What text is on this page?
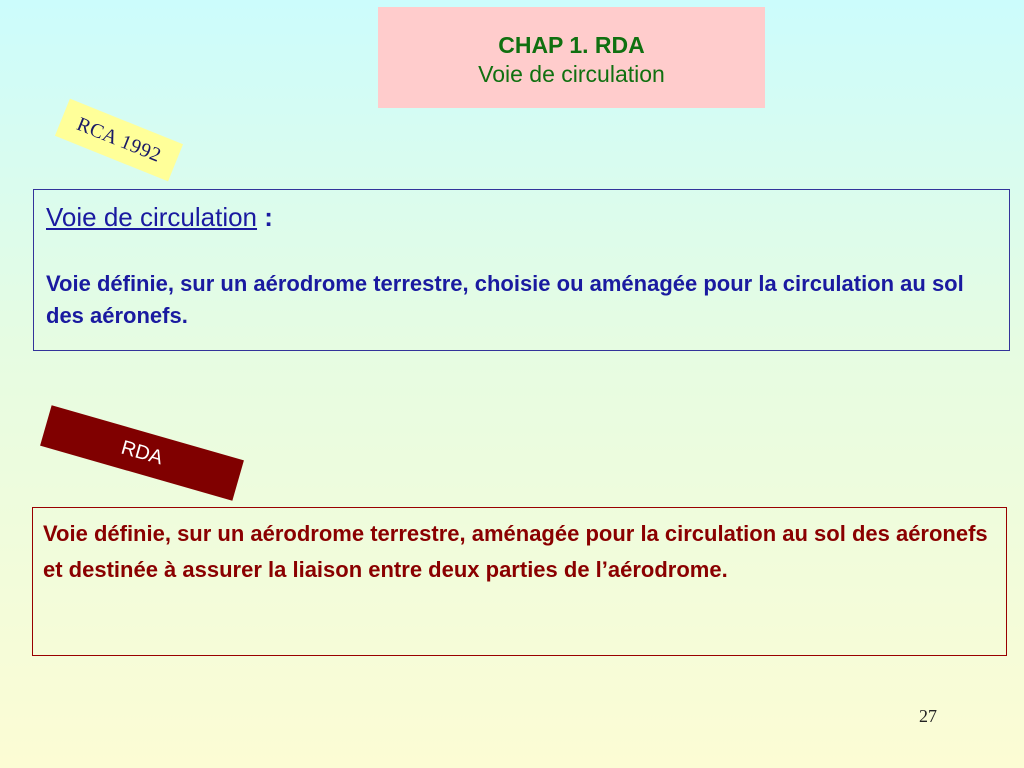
CHAP 1. RDA
Voie de circulation
RCA 1992

Voie de circulation :

Voie définie, sur un aérodrome terrestre, choisie ou aménagée pour la circulation au sol des aéronefs.
RDA
Voie définie, sur un aérodrome terrestre, aménagée pour la circulation au sol des aéronefs et destinée à assurer la liaison entre deux parties de l’aérodrome.
27
